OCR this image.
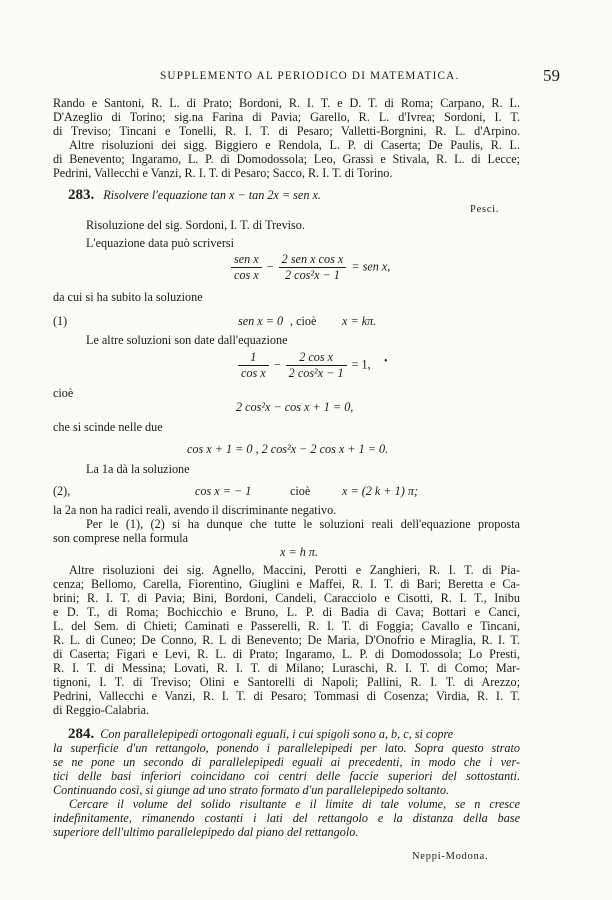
SUPPLEMENTO AL PERIODICO DI MATEMATICA.	59
Rando e Santoni, R. L. di Prato; Bordoni, R. I. T. e D. T. di Roma; Carpano, R. L.
D'Azeglio di Torino; sig.na Farina di Pavia; Garello, R. L. d'Ivrea; Sordoni, I. T.
di Treviso; Tincani e Tonelli, R. I. T. di Pesaro; Valletti-Borgnini, R. L. d'Arpino.
Altre risoluzioni dei sigg. Biggiero e Rendola, L. P. di Caserta; De Paulis, R. L.
di Benevento; Ingaramo, L. P. di Domodossola; Leo, Grassi e Stivala, R. L. di Lecce;
Pedrini, Vallecchi e Vanzi, R. I. T. di Pesaro; Sacco, R. I. T. di Torino.
283. Risolvere l'equazione tan x − tan 2x = sen x.
Pesci.
Risoluzione del sig. Sordoni, I. T. di Treviso.
L'equazione data può scriversi
$\frac{\text{sen x}}{\text{cos x}} - \frac{\text{2 sen x cos x}}{\text{2 cos²x − 1}}$ = sen x,
da cui si ha subito la soluzione
(1)	sen x = 0 , cioè x = kπ.
Le altre soluzioni son date dall'equazione
$\frac{1}{\text{cos x}} - \frac{\text{2 cos x}}{\text{2 cos²x − 1}} = 1$, •
cioè
2 cos²x − cos x + 1 = 0,
che si scinde nelle due
cos x + 1 = 0 , 2 cos²x − 2 cos x + 1 = 0.
La 1a dà la soluzione
(2),	cos x = − 1	cioè	x = (2 k + 1) π;
la 2a non ha radici reali, avendo il discriminante negativo.
Per le (1), (2) si ha dunque che tutte le soluzioni reali dell'equazione proposta
son comprese nella formula
x = h π.
Altre risoluzioni dei sig. Agnello, Maccini, Perotti e Zanghieri, R. I. T. di Pia-
cenza; Bellomo, Carella, Fiorentino, Giuglini e Maffei, R. I. T. di Bari; Beretta e Ca-
brini; R. I. T. di Pavia; Bini, Bordoni, Candeli, Caracciolo e Cisotti, R. I. T., Inibu
e D. T., di Roma; Bochicchio e Bruno, L. P. di Badia di Cava; Bottari e Canci,
L. del Sem. di Chieti; Caminati e Passerelli, R. I. T. di Foggia; Cavallo e Tincani,
R. L. di Cuneo; De Conno, R. L di Benevento; De Maria, D'Onofrio e Miraglia, R. I. T.
di Caserta; Figari e Levi, R. L. di Prato; Ingaramo, L. P. di Domodossola; Lo Presti,
R. I. T. di Messina; Lovati, R. I. T. di Milano; Luraschi, R. I. T. di Como; Mar-
tignoni, I. T. di Treviso; Olini e Santorelli di Napoli; Pallini, R. I. T. di Arezzo;
Pedrini, Vallecchi e Vanzi, R. I. T. di Pesaro; Tommasi di Cosenza; Virdia, R. I. T.
di Reggio-Calabria.
284. Con parallelepipedi ortogonali eguali, i cui spigoli sono a, b, c, si copre
la superficie d'un rettangolo, ponendo i parallelepipedi per lato. Sopra questo strato
se ne pone un secondo di parallelepipedi eguali ai precedenti, in modo che i ver-
tici delle basi inferiori coincidano coi centri delle faccie superiori del sottostanti.
Continuando così, si giunge ad uno strato formato d'un parallelepipedo soltanto.
Cercare il volume del solido risultante e il limite di tale volume, se n cresce
indefinitamente, rimanendo costanti i lati del rettangolo e la distanza della base
superiore dell'ultimo parallelepipedo dal piano del rettangolo.
Neppi-Modona.
